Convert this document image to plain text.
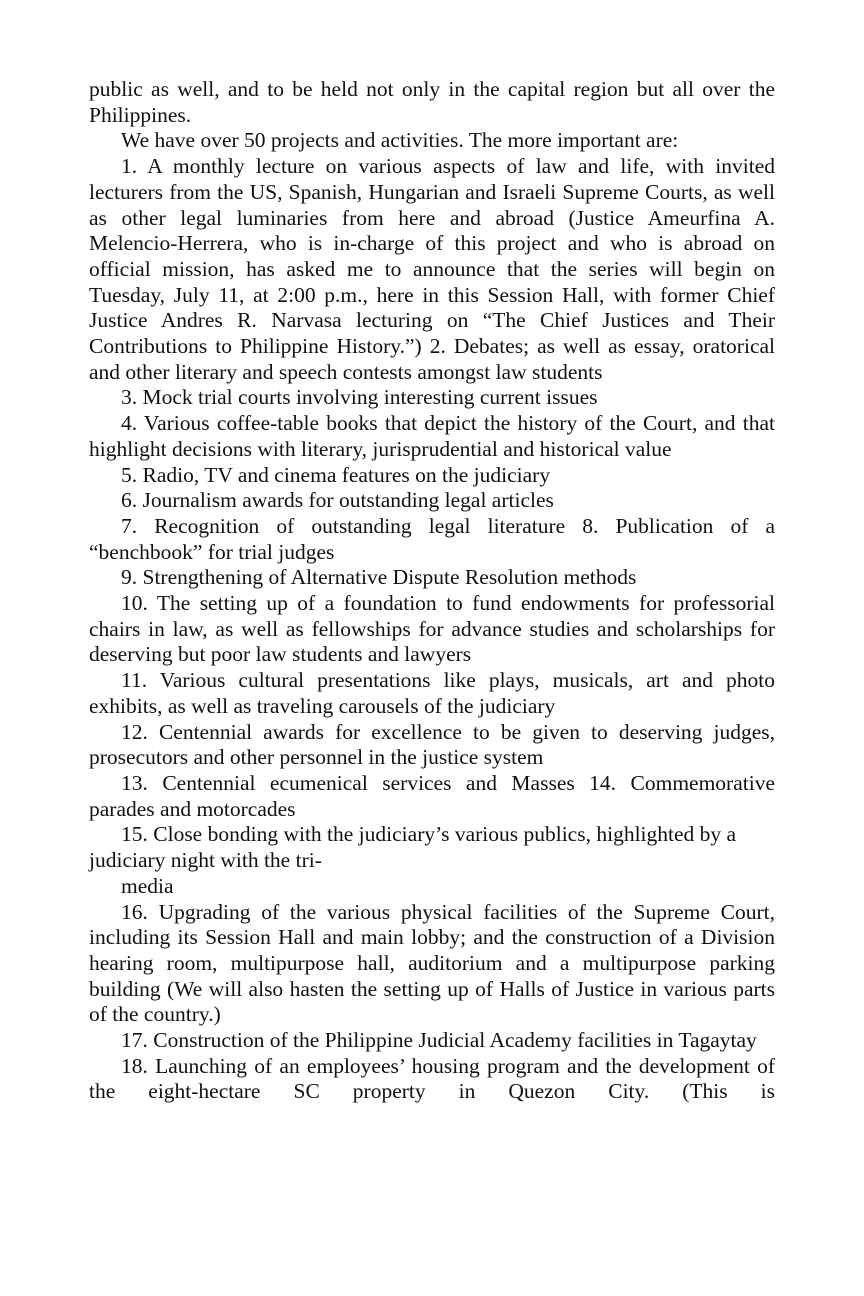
public as well, and to be held not only in the capital region but all over the Philippines.

We have over 50 projects and activities. The more important are:

1. A monthly lecture on various aspects of law and life, with invited lecturers from the US, Spanish, Hungarian and Israeli Supreme Courts, as well as other legal luminaries from here and abroad (Justice Ameurfina A. Melencio-Herrera, who is in-charge of this project and who is abroad on official mission, has asked me to announce that the series will begin on Tuesday, July 11, at 2:00 p.m., here in this Session Hall, with former Chief Justice Andres R. Narvasa lecturing on “The Chief Justices and Their Contributions to Philippine History.”) 2. Debates; as well as essay, oratorical and other literary and speech contests amongst law students

3. Mock trial courts involving interesting current issues

4. Various coffee-table books that depict the history of the Court, and that highlight decisions with literary, jurisprudential and historical value

5. Radio, TV and cinema features on the judiciary

6. Journalism awards for outstanding legal articles

7. Recognition of outstanding legal literature 8. Publication of a “benchbook” for trial judges

9. Strengthening of Alternative Dispute Resolution methods

10. The setting up of a foundation to fund endowments for professorial chairs in law, as well as fellowships for advance studies and scholarships for deserving but poor law students and lawyers

11. Various cultural presentations like plays, musicals, art and photo exhibits, as well as traveling carousels of the judiciary

12. Centennial awards for excellence to be given to deserving judges, prosecutors and other personnel in the justice system

13. Centennial ecumenical services and Masses 14. Commemorative parades and motorcades

15. Close bonding with the judiciary’s various publics, highlighted by a judiciary night with the tri-

media

16. Upgrading of the various physical facilities of the Supreme Court, including its Session Hall and main lobby; and the construction of a Division hearing room, multipurpose hall, auditorium and a multipurpose parking building (We will also hasten the setting up of Halls of Justice in various parts of the country.)

17. Construction of the Philippine Judicial Academy facilities in Tagaytay

18. Launching of an employees’ housing program and the development of the eight-hectare SC property in Quezon City. (This is
